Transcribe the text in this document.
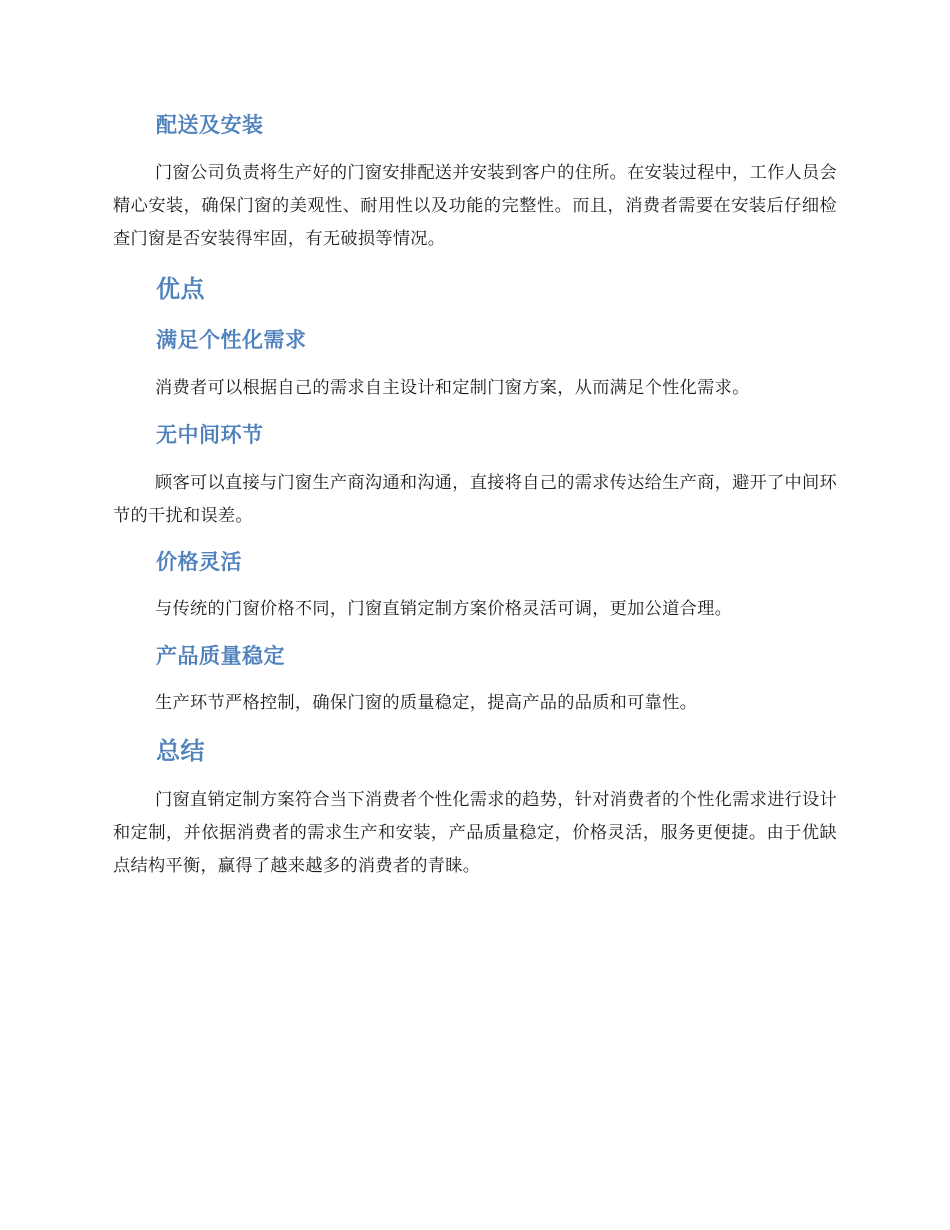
配送及安装

门窗公司负责将生产好的门窗安排配送并安装到客户的住所。在安装过程中，工作人员会精心安装，确保门窗的美观性、耐用性以及功能的完整性。而且，消费者需要在安装后仔细检查门窗是否安装得牢固，有无破损等情况。

优点
满足个性化需求

消费者可以根据自己的需求自主设计和定制门窗方案，从而满足个性化需求。

无中间环节

顾客可以直接与门窗生产商沟通和沟通，直接将自己的需求传达给生产商，避开了中间环节的干扰和误差。

价格灵活

与传统的门窗价格不同，门窗直销定制方案价格灵活可调，更加公道合理。

产品质量稳定

生产环节严格控制，确保门窗的质量稳定，提高产品的品质和可靠性。

总结

门窗直销定制方案符合当下消费者个性化需求的趋势，针对消费者的个性化需求进行设计和定制，并依据消费者的需求生产和安装，产品质量稳定，价格灵活，服务更便捷。由于优缺点结构平衡，赢得了越来越多的消费者的青睐。
